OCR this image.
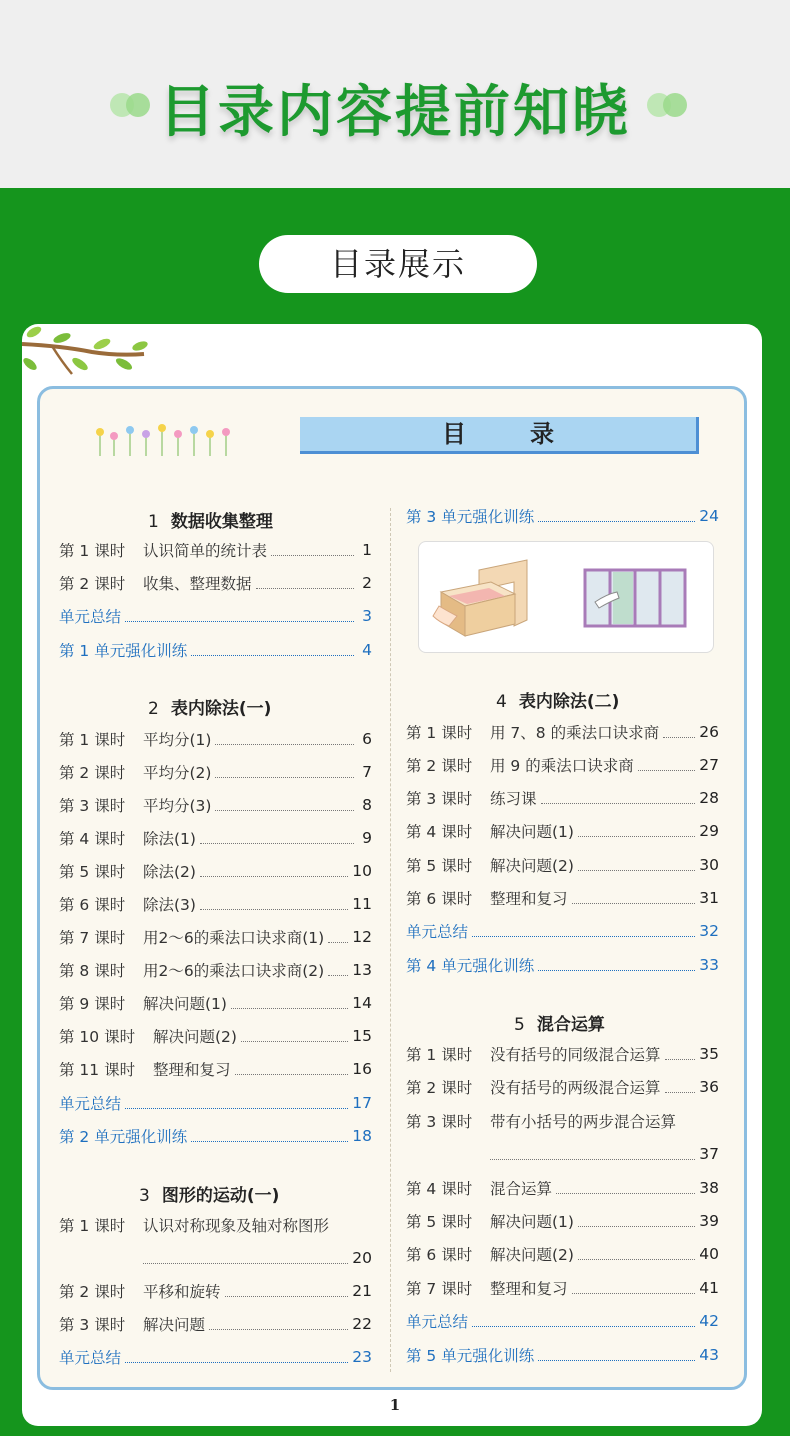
目录内容提前知晓
目录展示
目　录
1 数据收集整理
2 表内除法(一)
3 图形的运动(一)
4 表内除法(二)
5 混合运算
第 1 课时	认识简单的统计表	1
第 2 课时	收集、整理数据	2
单元总结	3
第 1 单元强化训练	4
第 1 课时	平均分(1)	6
第 2 课时	平均分(2)	7
第 3 课时	平均分(3)	8
第 4 课时	除法(1)	9
第 5 课时	除法(2)	10
第 6 课时	除法(3)	11
第 7 课时	用2～6的乘法口诀求商(1) 12
第 8 课时	用2～6的乘法口诀求商(2) 13
第 9 课时	解决问题(1)	14
第 10 课时	解决问题(2)	15
第 11 课时	整理和复习	16
单元总结	17
第 2 单元强化训练	18
第 1 课时	认识对称现象及轴对称图形
20
第 2 课时	平移和旋转	21
第 3 课时	解决问题	22
单元总结	23
第 3 单元强化训练	24
第 1 课时	用 7、8 的乘法口诀求商	26
第 2 课时	用 9 的乘法口诀求商	27
第 3 课时	练习课	28
第 4 课时	解决问题(1)	29
第 5 课时	解决问题(2)	30
第 6 课时	整理和复习	31
单元总结	32
第 4 单元强化训练	33
第 1 课时	没有括号的同级混合运算	35
第 2 课时	没有括号的两级混合运算	36
第 3 课时	带有小括号的两步混合运算
37
第 4 课时	混合运算	38
第 5 课时	解决问题(1)	39
第 6 课时	解决问题(2)	40
第 7 课时	整理和复习	41
单元总结	42
第 5 单元强化训练	43
1
